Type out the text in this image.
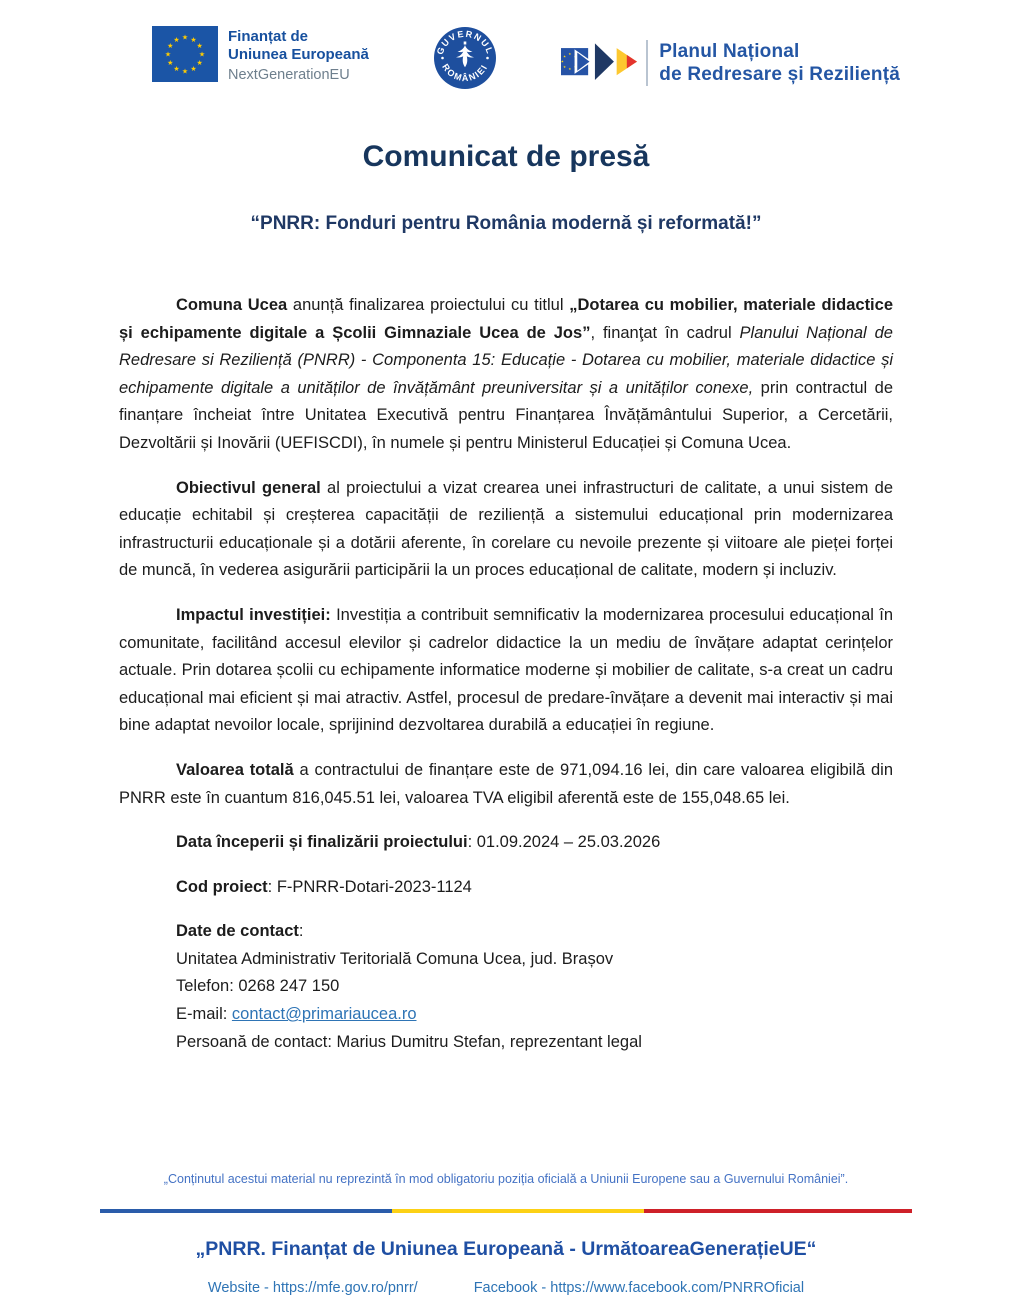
★ ★
★
★
★
★
★
★
★
★
★
★	Finanțat de
Uniunea Europeană
NextGenerationEU
GUVERNUL
ROMÂNIEI
★
★
★
★
★	Planul Național
de Redresare și Reziliență
Comunicat de presă
“PNRR: Fonduri pentru România modernă și reformată!”

Comuna Ucea anunță finalizarea proiectului cu titlul „Dotarea cu mobilier, materiale didactice și echipamente digitale a Școlii Gimnaziale Ucea de Jos”, finanţat în cadrul Planului Național de Redresare si Reziliență (PNRR) - Componenta 15: Educație - Dotarea cu mobilier, materiale didactice și echipamente digitale a unităților de învățământ preuniversitar și a unităților conexe, prin contractul de finanțare încheiat între Unitatea Executivă pentru Finanțarea Învățământului Superior, a Cercetării, Dezvoltării și Inovării (UEFISCDI), în numele și pentru Ministerul Educației și Comuna Ucea.

Obiectivul general al proiectului a vizat crearea unei infrastructuri de calitate, a unui sistem de educație echitabil și creșterea capacității de reziliență a sistemului educațional prin modernizarea infrastructurii educaționale și a dotării aferente, în corelare cu nevoile prezente și viitoare ale pieței forței de muncă, în vederea asigurării participării la un proces educațional de calitate, modern și incluziv.

Impactul investiției: Investiția a contribuit semnificativ la modernizarea procesului educațional în comunitate, facilitând accesul elevilor și cadrelor didactice la un mediu de învățare adaptat cerințelor actuale. Prin dotarea școlii cu echipamente informatice moderne și mobilier de calitate, s-a creat un cadru educațional mai eficient și mai atractiv. Astfel, procesul de predare-învățare a devenit mai interactiv și mai bine adaptat nevoilor locale, sprijinind dezvoltarea durabilă a educației în regiune.

Valoarea totală a contractului de finanțare este de 971,094.16 lei, din care valoarea eligibilă din PNRR este în cuantum 816,045.51 lei, valoarea TVA eligibil aferentă este de 155,048.65 lei.

Data începerii și finalizării proiectului: 01.09.2024 – 25.03.2026

Cod proiect: F-PNRR-Dotari-2023-1124

Date de contact:

Unitatea Administrativ Teritorială Comuna Ucea, jud. Brașov
Telefon: 0268 247 150
E-mail: contact@primariaucea.ro
Persoană de contact: Marius Dumitru Stefan, reprezentant legal
„Conținutul acestui material nu reprezintă în mod obligatoriu poziția oficială a Uniunii Europene sau a Guvernului României”.
„PNRR. Finanțat de Uniunea Europeană - UrmătoareaGenerațieUE“
Website - https://mfe.gov.ro/pnrr/	Facebook - https://www.facebook.com/PNRROficial
